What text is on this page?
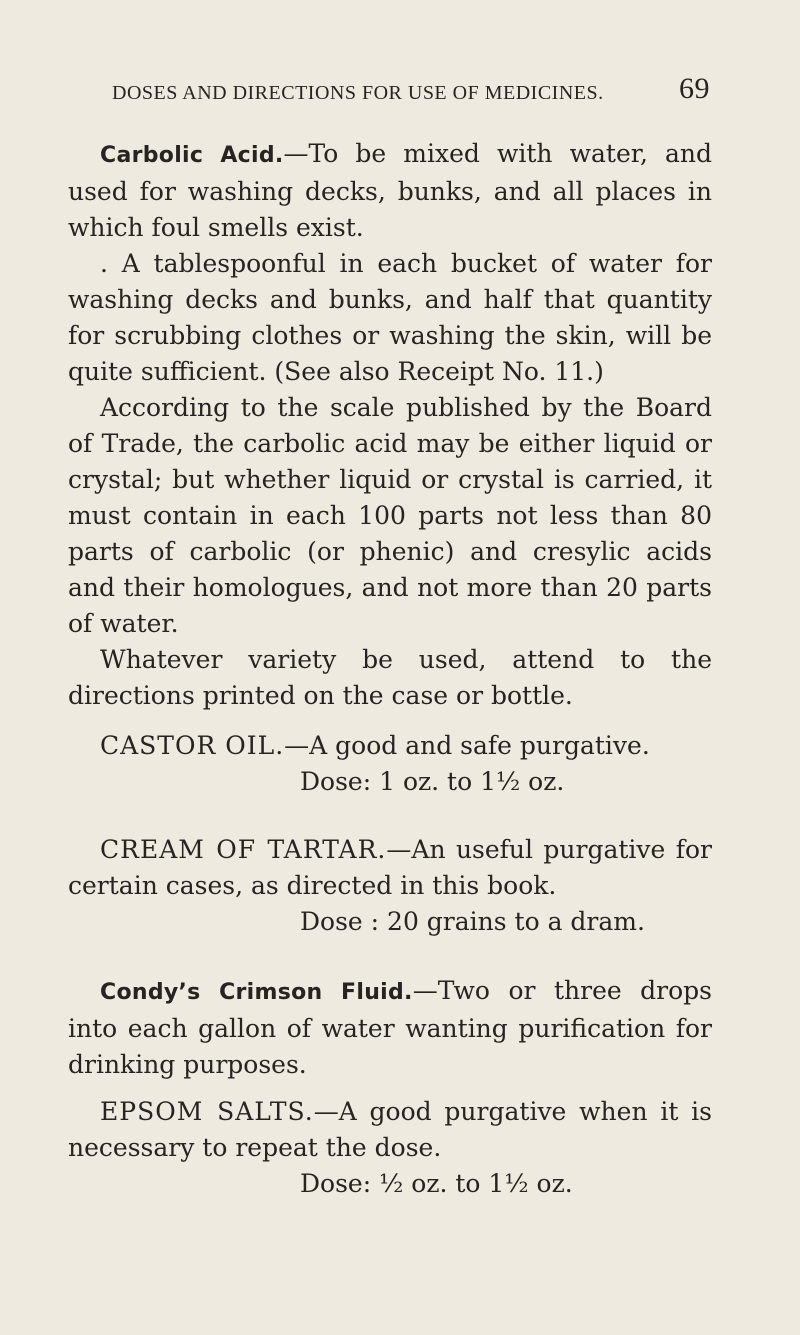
DOSES AND DIRECTIONS FOR USE OF MEDICINES.	69

Carbolic Acid.—To be mixed with water, and used for washing decks, bunks, and all places in which foul smells exist.

. A tablespoonful in each bucket of water for washing decks and bunks, and half that quantity for scrubbing clothes or washing the skin, will be quite sufficient. (See also Receipt No. 11.)

According to the scale published by the Board of Trade, the carbolic acid may be either liquid or crystal; but whether liquid or crystal is carried, it must contain in each 100 parts not less than 80 parts of carbolic (or phenic) and cresylic acids and their homologues, and not more than 20 parts of water.

Whatever variety be used, attend to the directions printed on the case or bottle.

CASTOR OIL.—A good and safe purgative.

Dose: 1 oz. to 1½ oz.

CREAM OF TARTAR.—An useful purgative for certain cases, as directed in this book.

Dose : 20 grains to a dram.

Condy’s Crimson Fluid.—Two or three drops into each gallon of water wanting purification for drinking purposes.

EPSOM SALTS.—A good purgative when it is necessary to repeat the dose.

Dose: ½ oz. to 1½ oz.
